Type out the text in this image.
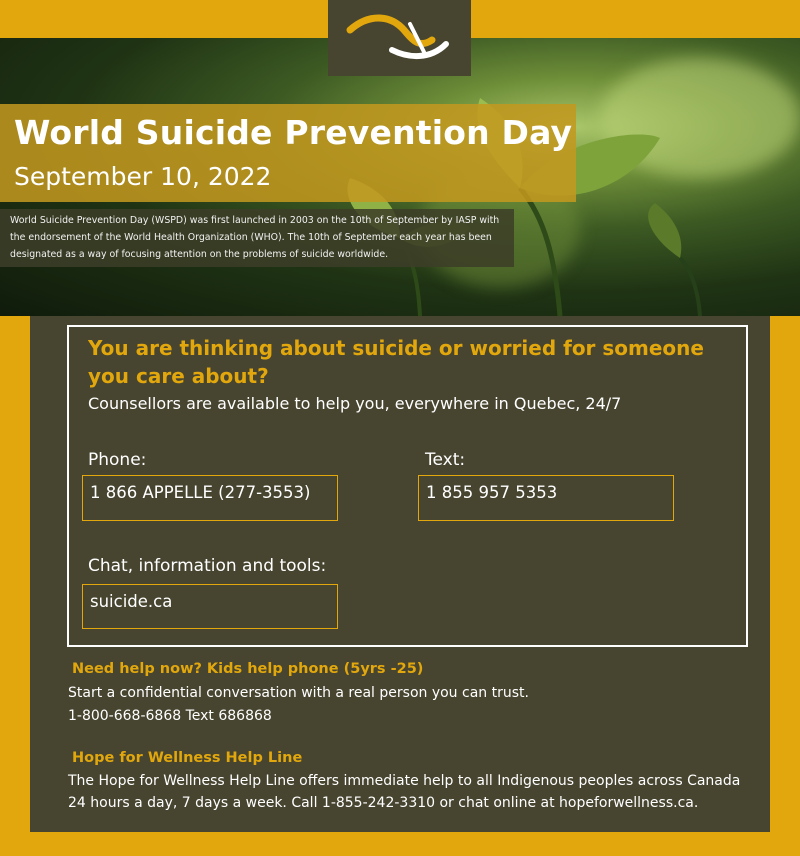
World Suicide Prevention Day
September 10, 2022
World Suicide Prevention Day (WSPD) was first launched in 2003 on the 10th of September by IASP with the endorsement of the World Health Organization (WHO). The 10th of September each year has been designated as a way of focusing attention on the problems of suicide worldwide.
You are thinking about suicide or worried for someone you care about?
Counsellors are available to help you, everywhere in Quebec, 24/7
Phone:
1 866 APPELLE (277-3553)
Text:
1 855 957 5353
Chat, information and tools:
suicide.ca
Need help now? Kids help phone (5yrs -25)
Start a confidential conversation with a real person you can trust.
1-800-668-6868 Text 686868
Hope for Wellness Help Line
The Hope for Wellness Help Line offers immediate help to all Indigenous peoples across Canada
24 hours a day, 7 days a week. Call 1-855-242-3310 or chat online at hopeforwellness.ca.
